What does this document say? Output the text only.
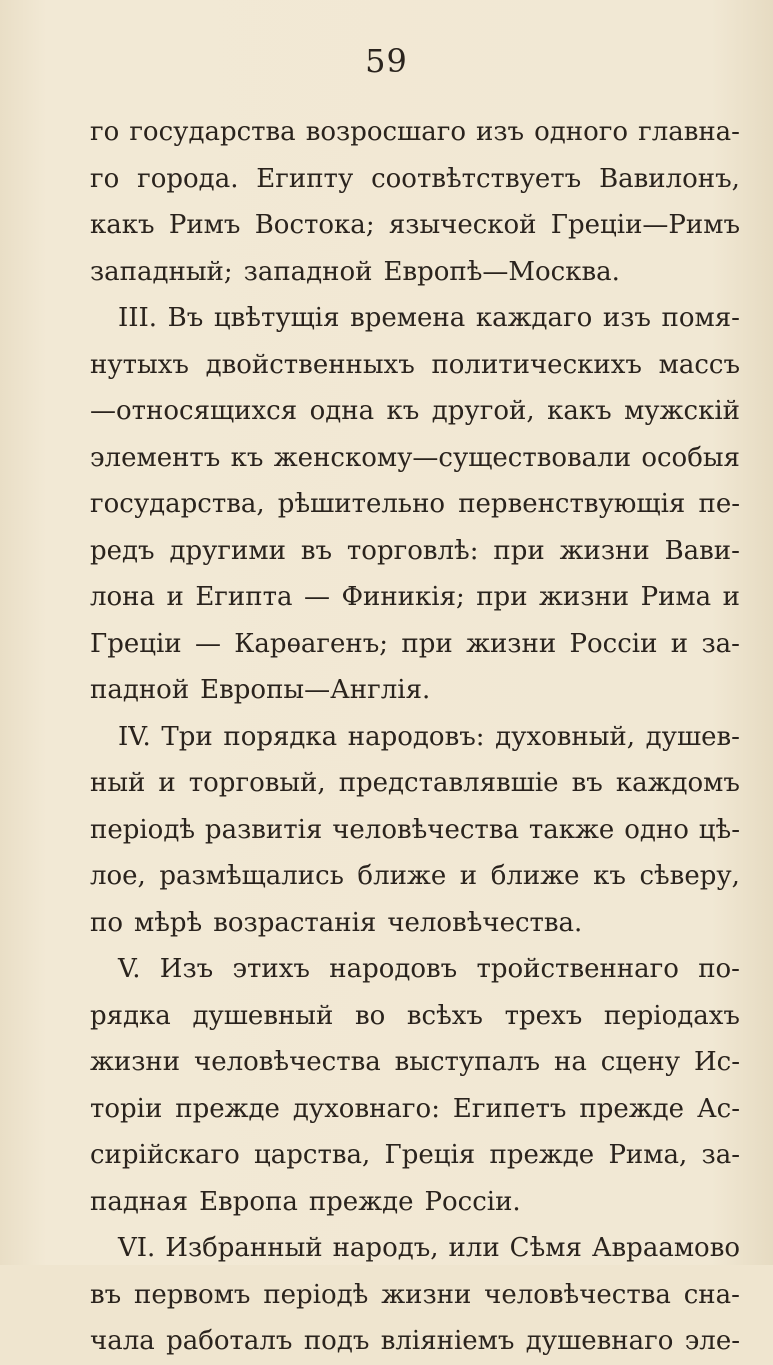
59
го государства возросшаго изъ одного главна-
го города. Египту соотвѣтствуетъ Вавилонъ,
какъ Римъ Востока; языческой Греціи—Римъ
западный; западной Европѣ—Москва.
III. Въ цвѣтущія времена каждаго изъ помя-
нутыхъ двойственныхъ политическихъ массъ
—относящихся одна къ другой, какъ мужскій
элементъ къ женскому—существовали особыя
государства, рѣшительно первенствующія пе-
редъ другими въ торговлѣ: при жизни Вави-
лона и Египта — Финикія; при жизни Рима и
Греціи — Карѳагенъ; при жизни Россіи и за-
падной Европы—Англія.
IV. Три порядка народовъ: духовный, душев-
ный и торговый, представлявшіе въ каждомъ
періодѣ развитія человѣчества также одно цѣ-
лое, размѣщались ближе и ближе къ сѣверу,
по мѣрѣ возрастанія человѣчества.
V. Изъ этихъ народовъ тройственнаго по-
рядка душевный во всѣхъ трехъ періодахъ
жизни человѣчества выступалъ на сцену Ис-
торіи прежде духовнаго: Египетъ прежде Ас-
сирійскаго царства, Греція прежде Рима, за-
падная Европа прежде Россіи.
VI. Избранный народъ, или Сѣмя Авраамово
въ первомъ періодѣ жизни человѣчества сна-
чала работалъ подъ вліяніемъ душевнаго эле-
